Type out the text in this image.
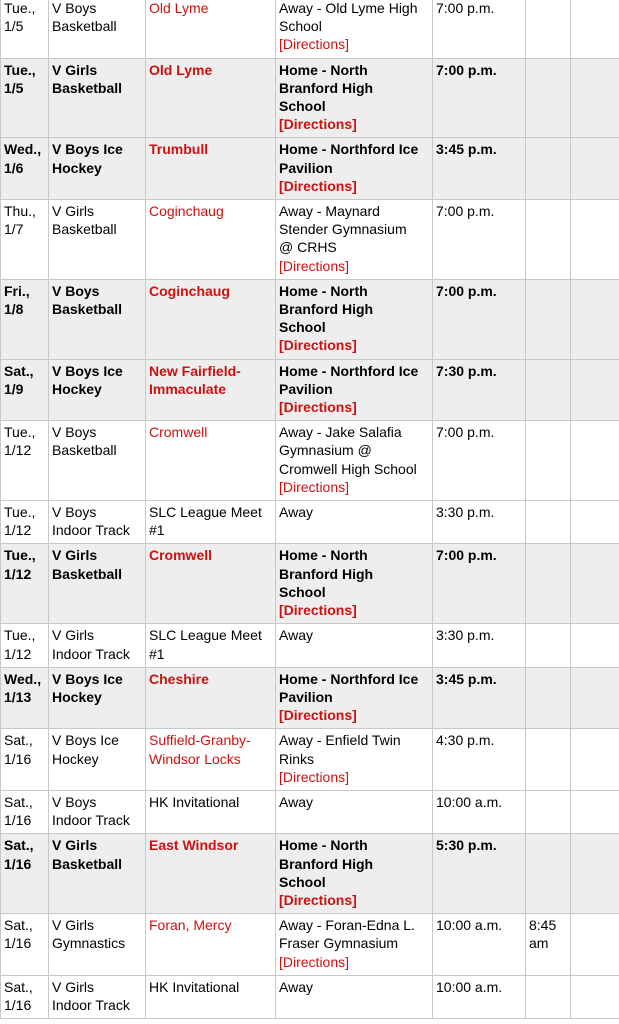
Tue.,
1/5	V Boys
Basketball	Old Lyme	Away - Old Lyme High
School
[Directions]	7:00 p.m.		
Tue.,
1/5	V Girls
Basketball	Old Lyme	Home - North
Branford High
School
[Directions]	7:00 p.m.		
Wed.,
1/6	V Boys Ice
Hockey	Trumbull	Home - Northford Ice
Pavilion
[Directions]	3:45 p.m.		
Thu.,
1/7	V Girls
Basketball	Coginchaug	Away - Maynard
Stender Gymnasium
@ CRHS
[Directions]	7:00 p.m.		
Fri.,
1/8	V Boys
Basketball	Coginchaug	Home - North
Branford High
School
[Directions]	7:00 p.m.		
Sat.,
1/9	V Boys Ice
Hockey	New Fairfield-
Immaculate	Home - Northford Ice
Pavilion
[Directions]	7:30 p.m.		
Tue.,
1/12	V Boys
Basketball	Cromwell	Away - Jake Salafia
Gymnasium @
Cromwell High School
[Directions]	7:00 p.m.		
Tue.,
1/12	V Boys
Indoor Track	SLC League Meet
#1	Away	3:30 p.m.		
Tue.,
1/12	V Girls
Basketball	Cromwell	Home - North
Branford High
School
[Directions]	7:00 p.m.		
Tue.,
1/12	V Girls
Indoor Track	SLC League Meet
#1	Away	3:30 p.m.		
Wed.,
1/13	V Boys Ice
Hockey	Cheshire	Home - Northford Ice
Pavilion
[Directions]	3:45 p.m.		
Sat.,
1/16	V Boys Ice
Hockey	Suffield-Granby-
Windsor Locks	Away - Enfield Twin
Rinks
[Directions]	4:30 p.m.		
Sat.,
1/16	V Boys
Indoor Track	HK Invitational	Away	10:00 a.m.		
Sat.,
1/16	V Girls
Basketball	East Windsor	Home - North
Branford High
School
[Directions]	5:30 p.m.		
Sat.,
1/16	V Girls
Gymnastics	Foran, Mercy	Away - Foran-Edna L.
Fraser Gymnasium
[Directions]	10:00 a.m.	8:45
am	
Sat.,
1/16	V Girls
Indoor Track	HK Invitational	Away	10:00 a.m.		
